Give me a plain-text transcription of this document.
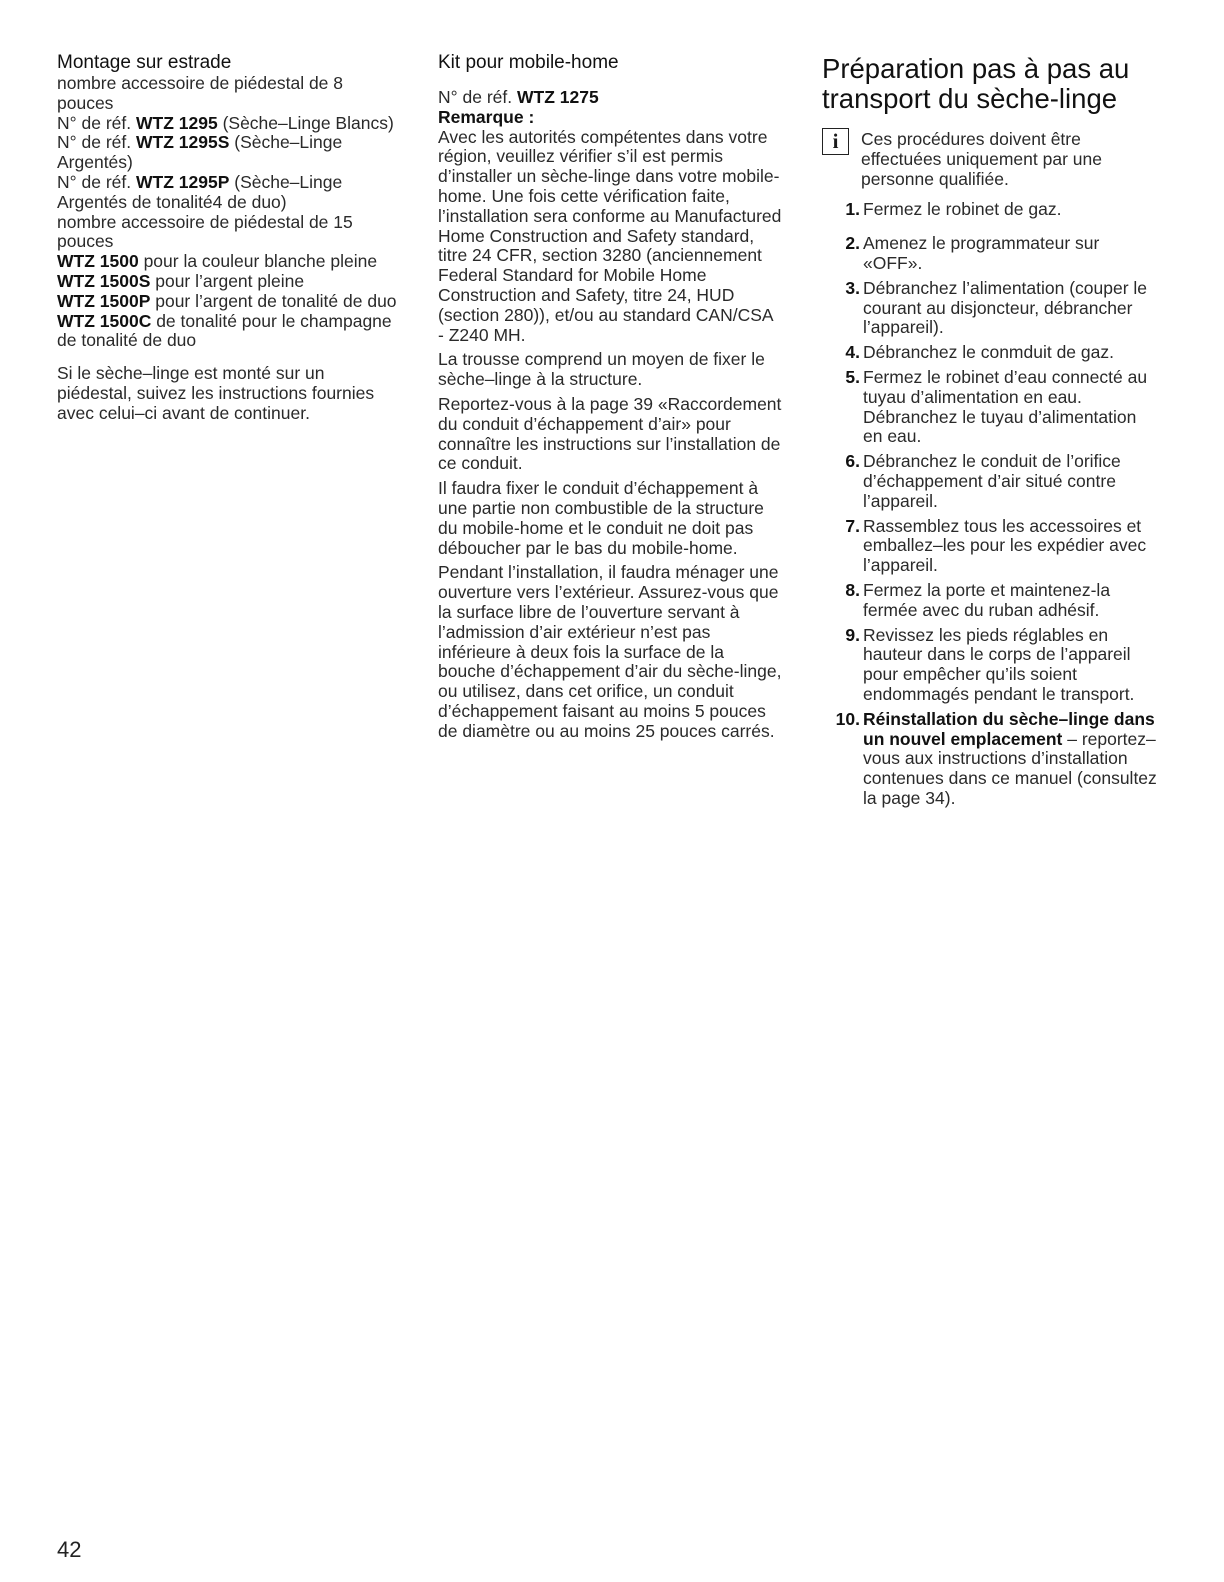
Montage sur estrade

nombre accessoire de piédestal de 8 pouces

N° de réf. WTZ 1295 (Sèche–Linge Blancs)

N° de réf. WTZ 1295S (Sèche–Linge Argentés)

N° de réf. WTZ 1295P (Sèche–Linge Argentés de tonalité4 de duo)

nombre accessoire de piédestal de 15 pouces

WTZ 1500 pour la couleur blanche pleine

WTZ 1500S pour l’argent pleine

WTZ 1500P pour l’argent de tonalité de duo

WTZ 1500C de tonalité pour le champagne de tonalité de duo

Si le sèche–linge est monté sur un piédestal, suivez les instructions fournies avec celui–ci avant de continuer.

Kit pour mobile-home

N° de réf. WTZ 1275

Remarque :

Avec les autorités compétentes dans votre région, veuillez vérifier s’il est permis d’installer un sèche-linge dans votre mobile-home. Une fois cette vérification faite, l’installation sera conforme au Manufactured Home Construction and Safety standard, titre 24 CFR, section 3280 (anciennement Federal Standard for Mobile Home Construction and Safety, titre 24, HUD (section 280)), et/ou au standard CAN/CSA - Z240 MH.

La trousse comprend un moyen de fixer le sèche–linge à la structure.

Reportez-vous à la page 39 «Raccordement du conduit d’échappement d’air» pour connaître les instructions sur l’installation de ce conduit.

Il faudra fixer le conduit d’échappement à une partie non combustible de la structure du mobile-home et le conduit ne doit pas déboucher par le bas du mobile-home.

Pendant l’installation, il faudra ménager une ouverture vers l’extérieur. Assurez-vous que la surface libre de l’ouverture servant à l’admission d’air extérieur n’est pas inférieure à deux fois la surface de la bouche d’échappement d’air du sèche-linge, ou utilisez, dans cet orifice, un conduit d’échappement faisant au moins 5 pouces de diamètre ou au moins 25 pouces carrés.

Préparation pas à pas au transport du sèche-linge
i	Ces procédures doivent être effectuées uniquement par une personne qualifiée.

1. Fermez le robinet de gaz.
2. Amenez le programmateur sur «OFF».
3. Débranchez l’alimentation (couper le courant au disjoncteur, débrancher l’appareil).
4. Débranchez le conmduit de gaz.
5. Fermez le robinet d’eau connecté au tuyau d’alimentation en eau. Débranchez le tuyau d’alimentation en eau.
6. Débranchez le conduit de l’orifice d’échappement d’air situé contre l’appareil.
7. Rassemblez tous les accessoires et emballez–les pour les expédier avec l’appareil.
8. Fermez la porte et maintenez-la fermée avec du ruban adhésif.
9. Revissez les pieds réglables en hauteur dans le corps de l’appareil pour empêcher qu’ils soient endommagés pendant le transport.
10. Réinstallation du sèche–linge dans un nouvel emplacement – reportez–vous aux instructions d’installation contenues dans ce manuel (consultez la page 34).
42
